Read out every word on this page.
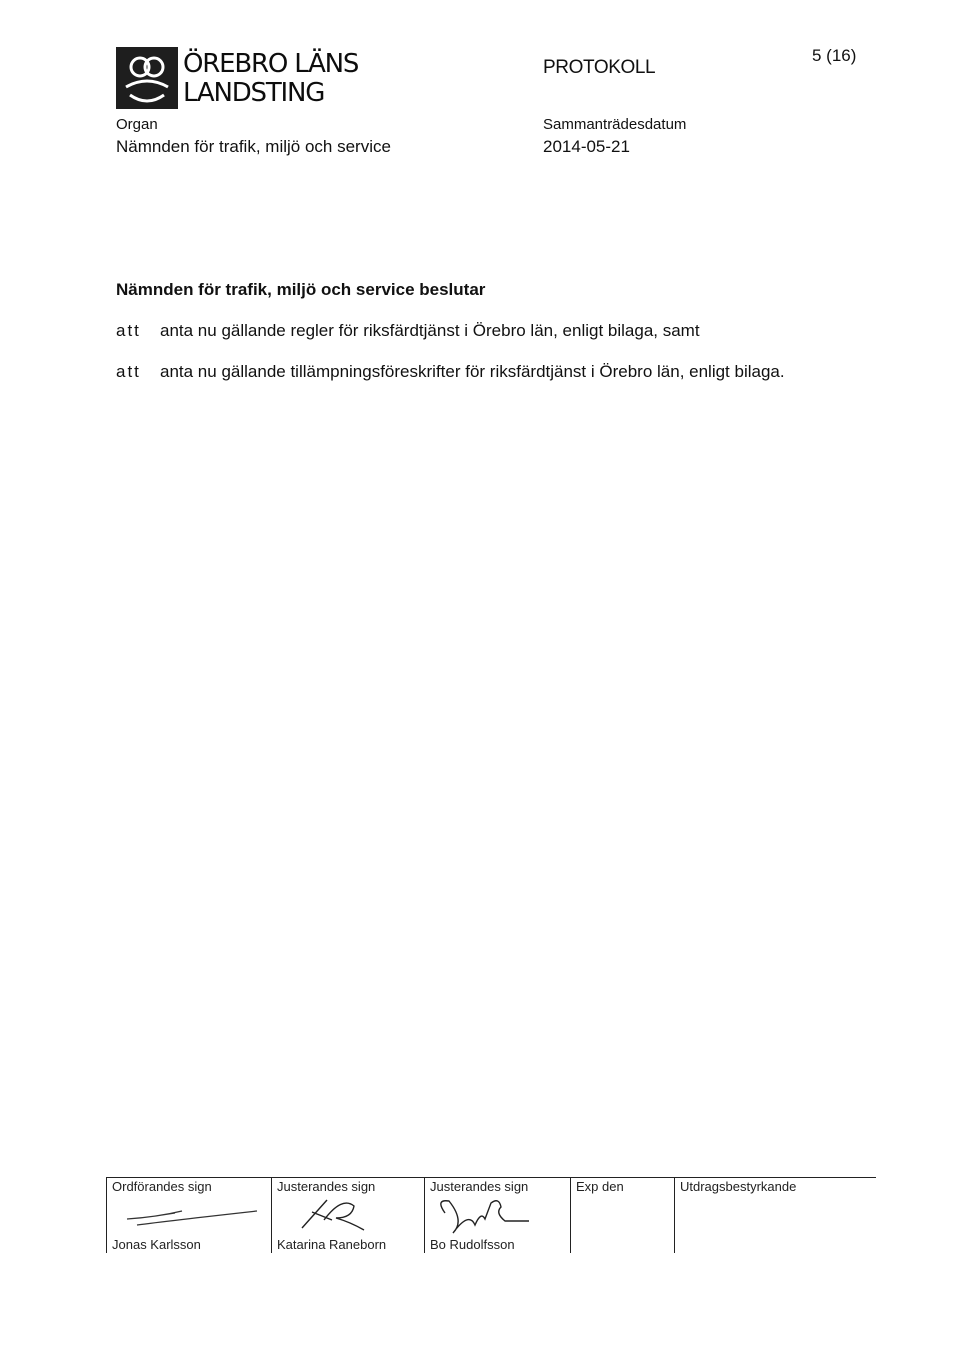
ÖREBRO LÄNS
LANDSTING
PROTOKOLL
5 (16)
Organ
Nämnden för trafik, miljö och service
Sammanträdesdatum
2014-05-21
Nämnden för trafik, miljö och service beslutar
att anta nu gällande regler för riksfärdtjänst i Örebro län, enligt bilaga, samt
att anta nu gällande tillämpningsföreskrifter för riksfärdtjänst i Örebro län, enligt bilaga.
Ordförandes sign
Jonas Karlsson
Justerandes sign
Katarina Raneborn
Justerandes sign
Bo Rudolfsson
Exp den	Utdragsbestyrkande
